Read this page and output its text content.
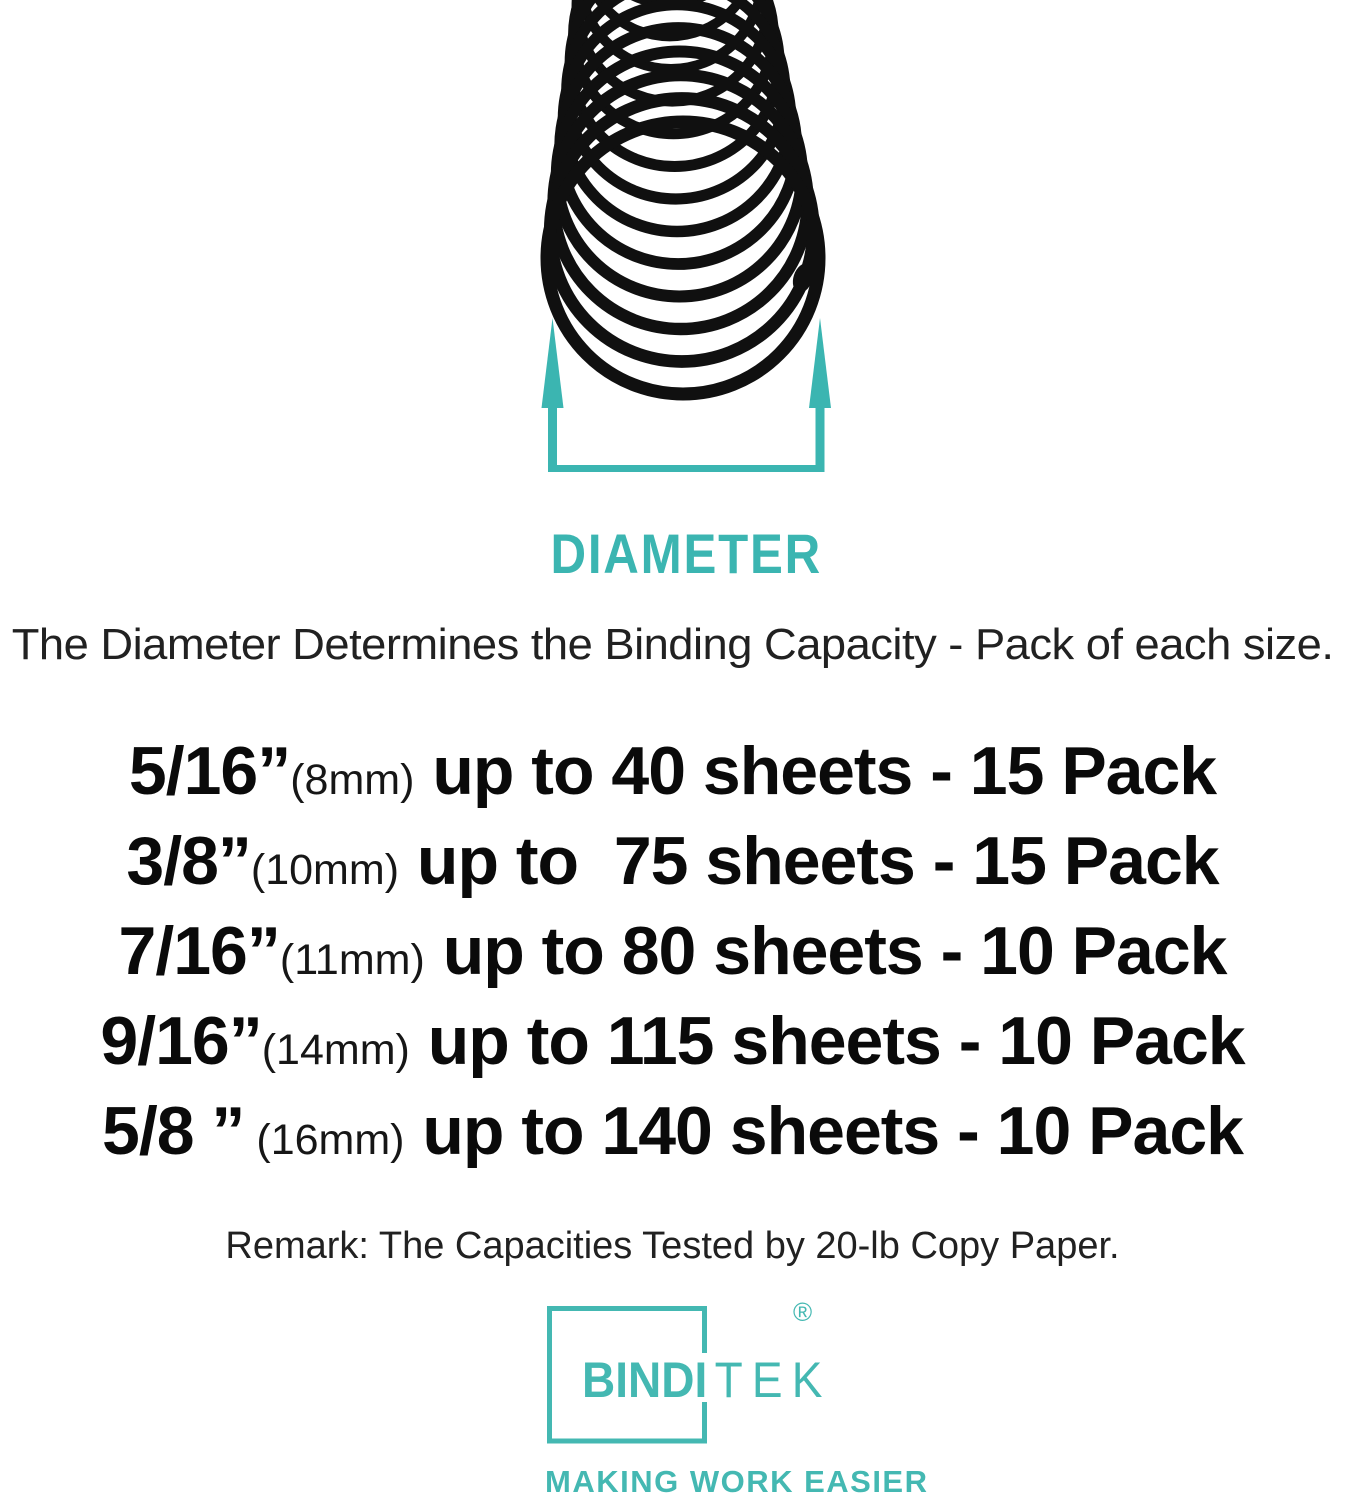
DIAMETER
The Diameter Determines the Binding Capacity - Pack of each size.
5/16”(8mm) up to 40 sheets - 15 Pack
3/8”(10mm) up to  75 sheets - 15 Pack
7/16”(11mm) up to 80 sheets - 10 Pack
9/16”(14mm) up to 115 sheets - 10 Pack
5/8 ” (16mm) up to 140 sheets - 10 Pack
Remark: The Capacities Tested by 20-lb Copy Paper.
BINDI TEK
®
MAKING WORK EASIER
